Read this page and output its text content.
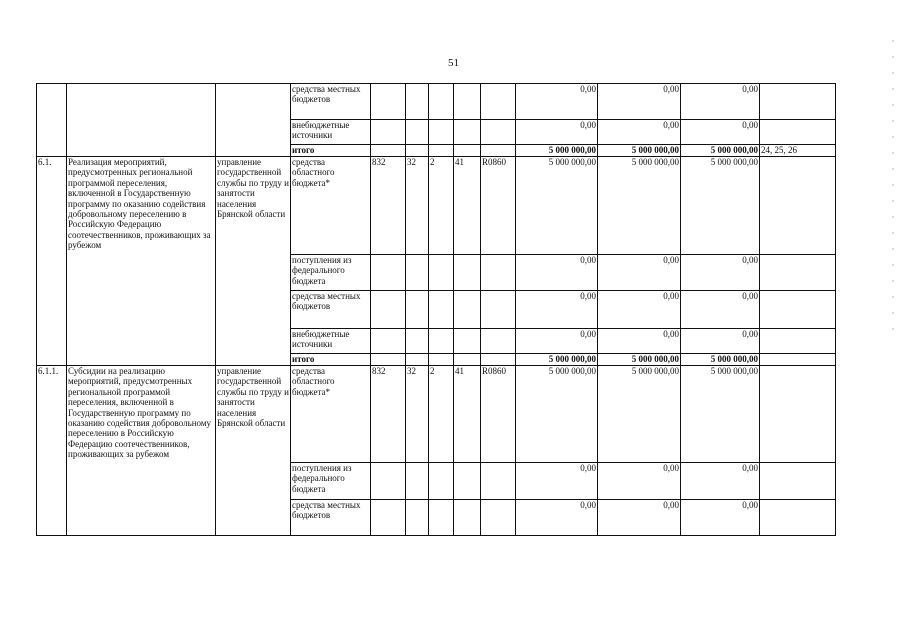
51
			средства местных бюджетов						0,00	0,00	0,00	
			внебюджетные источники						0,00	0,00	0,00	
			итого						5 000 000,00	5 000 000,00	5 000 000,00	24, 25, 26
6.1.	Реализация мероприятий, предусмотренных региональной программой переселения, включенной в Государственную программу по оказанию содействия добровольному переселению в Российскую Федерацию соотечественников, проживающих за рубежом	управление государственной службы по труду и занятости населения Брянской области	средства областного бюджета*	832	32	2	41	R0860	5 000 000,00	5 000 000,00	5 000 000,00	
			поступления из федерального бюджета						0,00	0,00	0,00	
			средства местных бюджетов						0,00	0,00	0,00	
			внебюджетные источники						0,00	0,00	0,00	
			итого						5 000 000,00	5 000 000,00	5 000 000,00	
6.1.1.	Субсидии на реализацию мероприятий, предусмотренных региональной программой переселения, включенной в Государственную программу по оказанию содействия добровольному переселению в Российскую Федерацию соотечественников, проживающих за рубежом	управление государственной службы по труду и занятости населения Брянской области	средства областного бюджета*	832	32	2	41	R0860	5 000 000,00	5 000 000,00	5 000 000,00	
			поступления из федерального бюджета						0,00	0,00	0,00	
			средства местных бюджетов						0,00	0,00	0,00	
